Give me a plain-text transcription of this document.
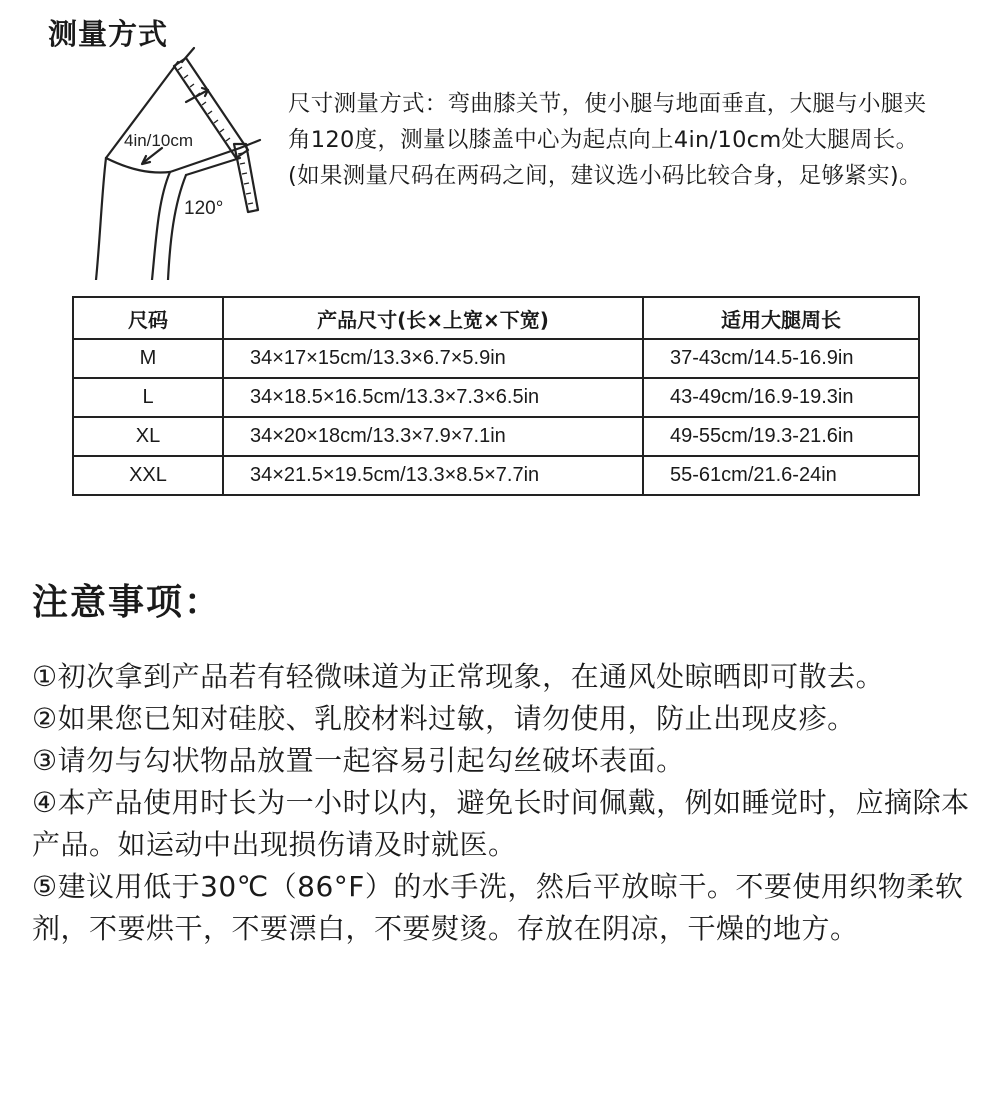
测量方式
4in/10cm
120°
尺寸测量方式：弯曲膝关节，使小腿与地面垂直，大腿与小腿夹角120度，测量以膝盖中心为起点向上4in/10cm处大腿周长。(如果测量尺码在两码之间，建议选小码比较合身，足够紧实)。
尺码	产品尺寸(长×上宽×下宽)	适用大腿周长
M	34×17×15cm/13.3×6.7×5.9in	37-43cm/14.5-16.9in
L	34×18.5×16.5cm/13.3×7.3×6.5in	43-49cm/16.9-19.3in
XL	34×20×18cm/13.3×7.9×7.1in	49-55cm/19.3-21.6in
XXL	34×21.5×19.5cm/13.3×8.5×7.7in	55-61cm/21.6-24in
注意事项：

①初次拿到产品若有轻微味道为正常现象，在通风处晾晒即可散去。

②如果您已知对硅胶、乳胶材料过敏，请勿使用，防止出现皮疹。

③请勿与勾状物品放置一起容易引起勾丝破坏表面。

④本产品使用时长为一小时以内，避免长时间佩戴，例如睡觉时，应摘除本产品。如运动中出现损伤请及时就医。

⑤建议用低于30℃（86°F）的水手洗，然后平放晾干。不要使用织物柔软剂，不要烘干，不要漂白，不要熨烫。存放在阴凉，干燥的地方。
